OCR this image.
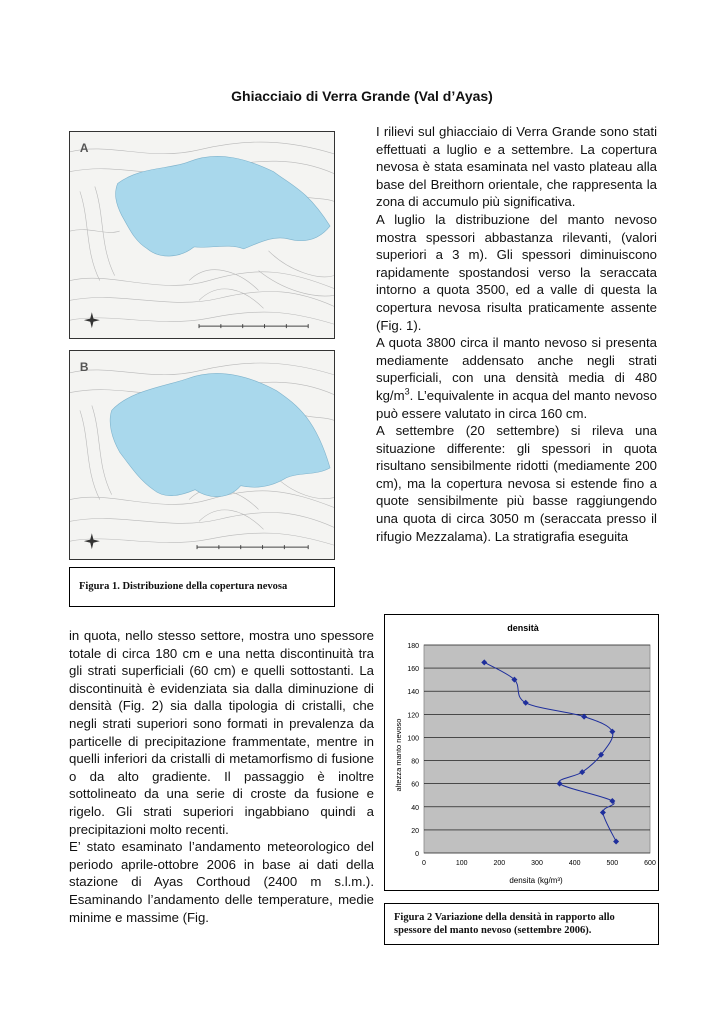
Ghiacciaio di Verra Grande (Val d’Ayas)
A
B
Figura 1. Distribuzione della copertura nevosa

I rilievi sul ghiacciaio di Verra Grande sono stati effettuati a luglio e a settembre. La copertura nevosa è stata esaminata nel vasto plateau alla base del Breithorn orientale, che rappresenta la zona di accumulo più significativa.

A luglio la distribuzione del manto nevoso mostra spessori abbastanza rilevanti, (valori superiori a 3 m). Gli spessori diminuiscono rapidamente spostandosi verso la seraccata intorno a quota 3500, ed a valle di questa la copertura nevosa risulta praticamente assente (Fig. 1).

A quota 3800 circa il manto nevoso si presenta mediamente addensato anche negli strati superficiali, con una densità media di 480 $kg/m^3$. L’equivalente in acqua del manto nevoso può essere valutato in circa 160 cm.

A settembre (20 settembre) si rileva una situazione differente: gli spessori in quota risultano sensibilmente ridotti (mediamente 200 cm), ma la copertura nevosa si estende fino a quote sensibilmente più basse raggiungendo una quota di circa 3050 m (seraccata presso il rifugio Mezzalama). La stratigrafia eseguita

in quota, nello stesso settore, mostra uno spessore totale di circa 180 cm e una netta discontinuità tra gli strati superficiali (60 cm) e quelli sottostanti. La discontinuità è evidenziata sia dalla diminuzione di densità (Fig. 2) sia dalla tipologia di cristalli, che negli strati superiori sono formati in prevalenza da particelle di precipitazione frammentate, mentre in quelli inferiori da cristalli di metamorfismo di fusione o da alto gradiente. Il passaggio è inoltre sottolineato da una serie di croste da fusione e rigelo. Gli strati superiori ingabbiano quindi a precipitazioni molto recenti.

E’ stato esaminato l’andamento meteorologico del periodo aprile-ottobre 2006 in base ai dati della stazione di Ayas Corthoud (2400 m s.l.m.). Esaminando l’andamento delle temperature, medie minime e massime (Fig.

0
20
40
60
80
100
120
140
160
180
0	100	200	300	400	500	600
densità
altezza manto nevoso
densita (kg/m³)
Figura 2 Variazione della densità in rapporto allo spessore del manto nevoso (settembre 2006).
